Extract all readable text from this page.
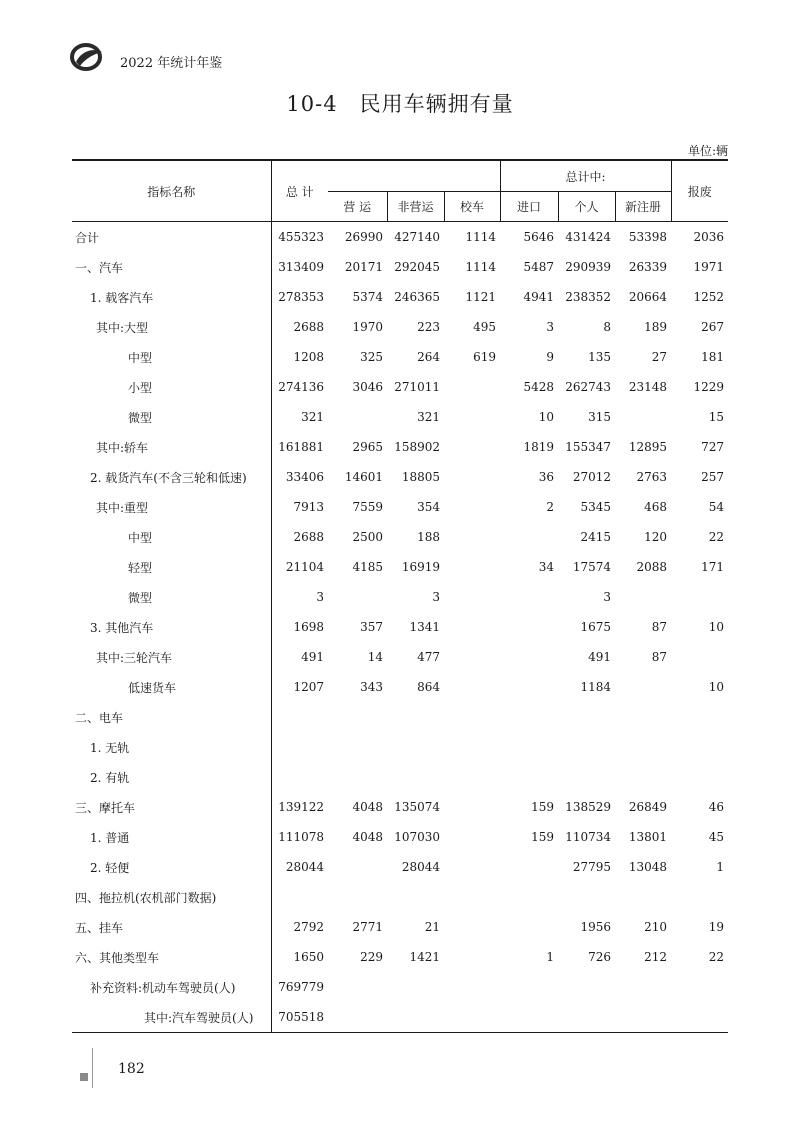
2022 年统计年鉴
10-4　民用车辆拥有量
单位:辆
指标名称	总 计				总计中:			报废
		营 运	非营运	校车	进口	个人	新注册	
合计	455323	26990	427140	1114	5646	431424	53398	2036
一、汽车	313409	20171	292045	1114	5487	290939	26339	1971
1. 载客汽车	278353	5374	246365	1121	4941	238352	20664	1252
其中:大型	2688	1970	223	495	3	8	189	267
中型	1208	325	264	619	9	135	27	181
小型	274136	3046	271011		5428	262743	23148	1229
微型	321		321		10	315		15
其中:轿车	161881	2965	158902		1819	155347	12895	727
2. 载货汽车(不含三轮和低速)	33406	14601	18805		36	27012	2763	257
其中:重型	7913	7559	354		2	5345	468	54
中型	2688	2500	188			2415	120	22
轻型	21104	4185	16919		34	17574	2088	171
微型	3		3			3		
3. 其他汽车	1698	357	1341			1675	87	10
其中:三轮汽车	491	14	477			491	87	
低速货车	1207	343	864			1184		10
二、电车								
1. 无轨								
2. 有轨								
三、摩托车	139122	4048	135074		159	138529	26849	46
1. 普通	111078	4048	107030		159	110734	13801	45
2. 轻便	28044		28044			27795	13048	1
四、拖拉机(农机部门数据)								
五、挂车	2792	2771	21			1956	210	19
六、其他类型车	1650	229	1421		1	726	212	22
补充资料:机动车驾驶员(人)	769779							
其中:汽车驾驶员(人)	705518							
182
